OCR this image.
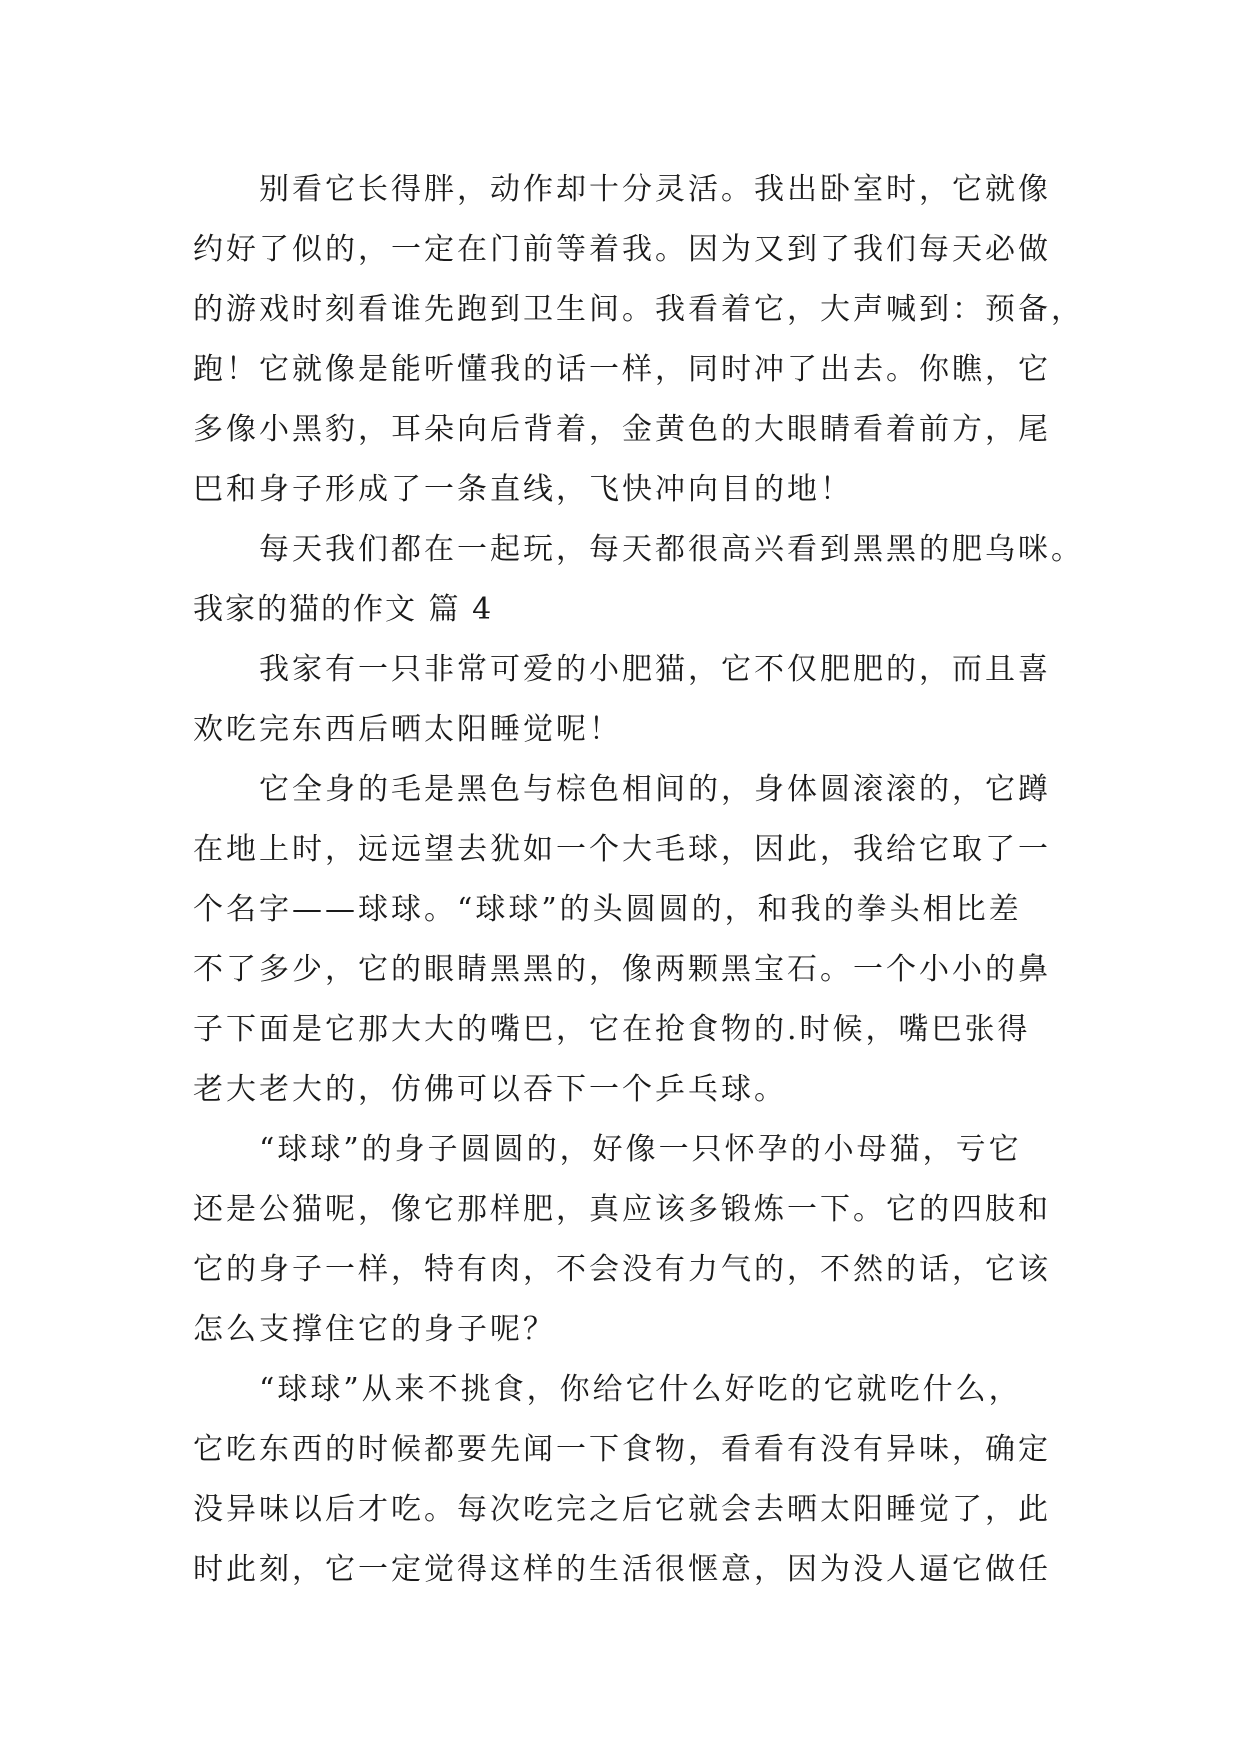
别看它长得胖，动作却十分灵活。我出卧室时，它就像
约好了似的，一定在门前等着我。因为又到了我们每天必做
的游戏时刻看谁先跑到卫生间。我看着它，大声喊到：预备，
跑！它就像是能听懂我的话一样，同时冲了出去。你瞧，它
多像小黑豹，耳朵向后背着，金黄色的大眼睛看着前方，尾
巴和身子形成了一条直线，飞快冲向目的地！
每天我们都在一起玩，每天都很高兴看到黑黑的肥乌咪。
我家的猫的作文 篇 4
我家有一只非常可爱的小肥猫，它不仅肥肥的，而且喜
欢吃完东西后晒太阳睡觉呢！
它全身的毛是黑色与棕色相间的，身体圆滚滚的，它蹲
在地上时，远远望去犹如一个大毛球，因此，我给它取了一
个名字——球球。“球球”的头圆圆的，和我的拳头相比差
不了多少，它的眼睛黑黑的，像两颗黑宝石。一个小小的鼻
子下面是它那大大的嘴巴，它在抢食物的.时候，嘴巴张得
老大老大的，仿佛可以吞下一个乒乓球。
“球球”的身子圆圆的，好像一只怀孕的小母猫，亏它
还是公猫呢，像它那样肥，真应该多锻炼一下。它的四肢和
它的身子一样，特有肉，不会没有力气的，不然的话，它该
怎么支撑住它的身子呢？
“球球”从来不挑食，你给它什么好吃的它就吃什么，
它吃东西的时候都要先闻一下食物，看看有没有异味，确定
没异味以后才吃。每次吃完之后它就会去晒太阳睡觉了，此
时此刻，它一定觉得这样的生活很惬意，因为没人逼它做任
